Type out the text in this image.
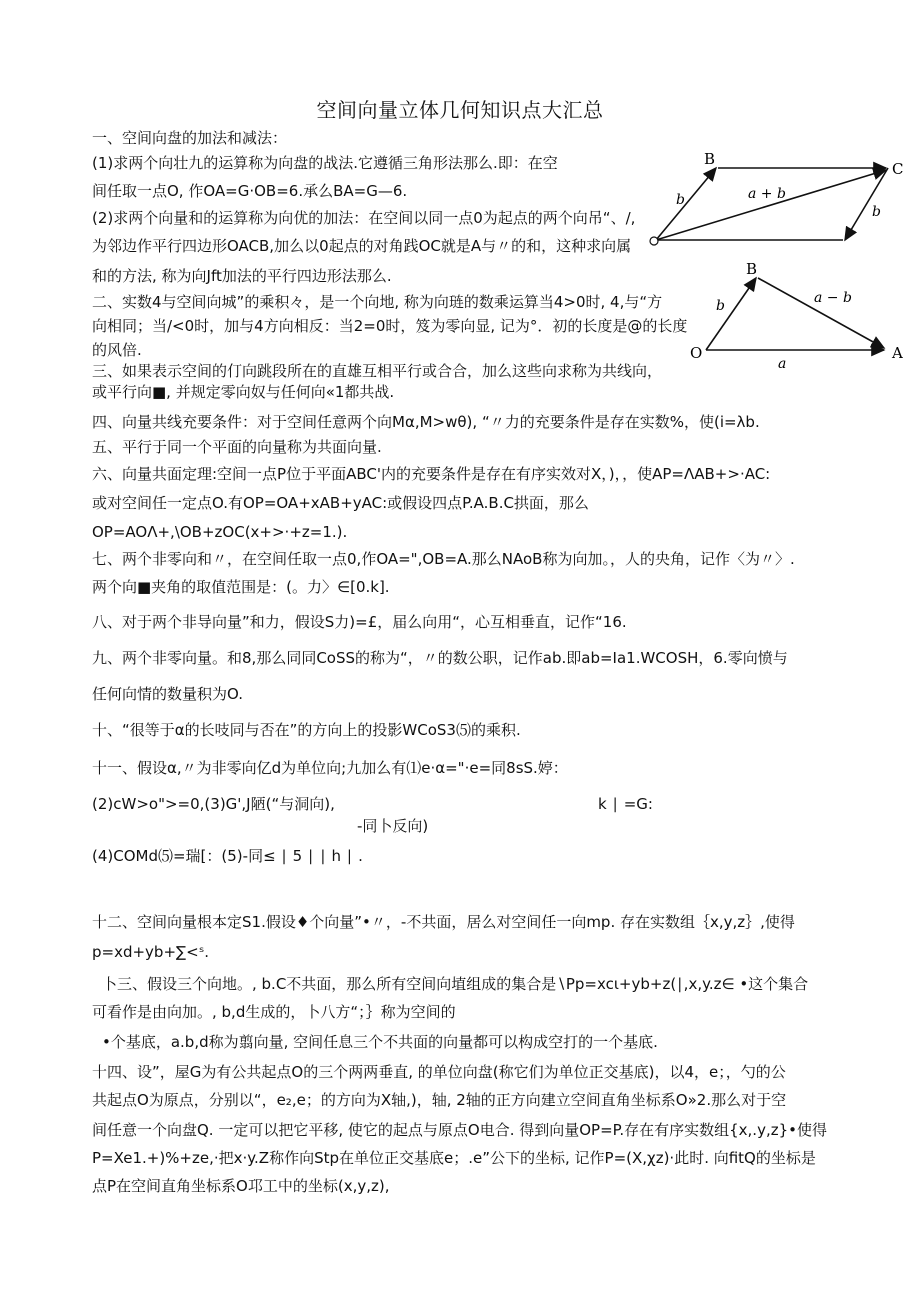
空间向量立体几何知识点大汇总
一、空间向盘的加法和减法：
(1)求两个向壮九的运算称为向盘的战法.它遵循三角形法那么.即：在空
间任取一点O, 作OA=G·OB=6.承么BA=G—6.
(2)求两个向量和的运算称为向优的加法：在空间以同一点0为起点的两个向吊“、/,
为邻边作平行四边形OACB,加么以0起点的对角践OC就是A与〃的和，这种求向属
和的方法, 称为向Jft加法的平行四边形法那么.
二、实数4与空间向城”的乘积々，是一个向地, 称为向琏的数乘运算当4>0时, 4,与“方
向相同；当/<0时，加与4方向相反：当2=0时，笈为零向显, 记为°．初的长度是@的长度
的风倍.
三、如果表示空间的仃向跳段所在的直雄互相平行或合合，加么这些向求称为共线向，
或平行向■, 并规定零向奴与任何向«1都共战.
四、向量共线充要条件：对于空间任意两个向Mα,M>wθ), “〃力的充要条件是存在实数%，使(i=λb.
五、平行于同一个平面的向量称为共面向量.
六、向量共面定理:空间一点P位于平面ABC'内的充要条件是存在有序实效对X，)，，使AP=ΛAB+>·AC:
或对空间任一定点O.有OP=OA+xAB+yAC:或假设四点P.A.B.C拱面，那么
OP=AOΛ+,\OB+zOC(x+>·+z=1.).
七、两个非零向和〃，在空间任取一点0,作OA=",OB=A.那么NAoB称为向加。，人的央角，记作〈为〃〉.
两个向■夹角的取值范围是：(。力〉∈[0.k].
八、对于两个非导向量”和力，假设S力)=£，届么向用“，心互相垂直，记作“16.
九、两个非零向量。和8,那么同同CoSS的称为“，〃的数公职，记作ab.即ab=Ia1.WCOSH，6.零向愤与
任何向情的数量积为O.
十、“很等于α的长吱同与否在”的方向上的投影WCoS3⑸的乘积.
十一、假设α,〃为非零向亿d为单位向;九加么有⑴e·α="·e=同8sS.婷：
(2)cW>o">=0,(3)G',J陋(“与洞向),	k ∣ =G:
-同卜反向)
(4)COMd⑸=瑞[：(5)-同≤ ∣ 5 ∣ ∣ h ∣ .
十二、空间向量根本定S1.假设♦个向量”•〃，-不共面，居么对空间任一向mp. 存在实数组｛x,y,z｝,使得
p=xd+yb+∑<ˢ.
卜三、假设三个向地。, b.C不共面，那么所有空间向埴组成的集合是∖Pp=xcι+yb+z(∣,x,y.z∈ •这个集合
可看作是由向加。, b,d生成的，卜八方“；｝称为空间的
•个基底，a.b,d称为翦向量, 空间任息三个不共面的向量都可以构成空打的一个基底.
十四、设”，屋G为有公共起点O的三个两两垂直, 的单位向盘(称它们为单位正交基底)，以4，e；，勺的公
共起点O为原点，分别以“，e₂,e；的方向为X轴,)，轴, 2轴的正方向建立空间直角坐标系O»2.那么对于空
间任意一个向盘Q. 一定可以把它平移, 使它的起点与原点O电合. 得到向量OP=P.存在有序实数组{x,.y,z}•使得
P=Xe1.+)%+ze,·把x·y.Z称作向Stp在单位正交基底e；.e”公下的坐标, 记作P=(X,χz)·此时. 向fitQ的坐标是
点P在空间直角坐标系O邛工中的坐标(x,y,z),
B
C
b
b
a + b
B
O	A
b	a − b
a
